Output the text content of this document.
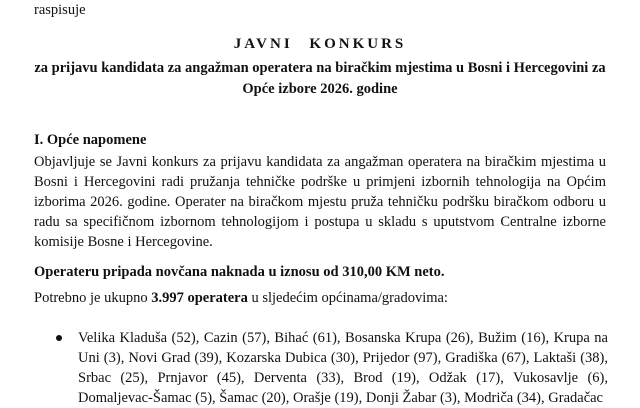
raspisuje
JAVNI KONKURS
za prijavu kandidata za angažman operatera na biračkim mjestima u Bosni i Hercegovini za Opće izbore 2026. godine
I. Opće napomene
Objavljuje se Javni konkurs za prijavu kandidata za angažman operatera na biračkim mjestima u Bosni i Hercegovini radi pružanja tehničke podrške u primjeni izbornih tehnologija na Općim izborima 2026. godine. Operater na biračkom mjestu pruža tehničku podršku biračkom odboru u radu sa specifičnom izbornom tehnologijom i postupa u skladu s uputstvom Centralne izborne komisije Bosne i Hercegovine.
Operateru pripada novčana naknada u iznosu od 310,00 KM neto.
Potrebno je ukupno 3.997 operatera u sljedećim općinama/gradovima:
Velika Kladuša (52), Cazin (57), Bihać (61), Bosanska Krupa (26), Bužim (16), Krupa na Uni (3), Novi Grad (39), Kozarska Dubica (30), Prijedor (97), Gradiška (67), Laktaši (38), Srbac (25), Prnjavor (45), Derventa (33), Brod (19), Odžak (17), Vukosavlje (6), Domaljevac-Šamac (5), Šamac (20), Orašje (19), Donji Žabar (3), Modriča (34), Gradačac
